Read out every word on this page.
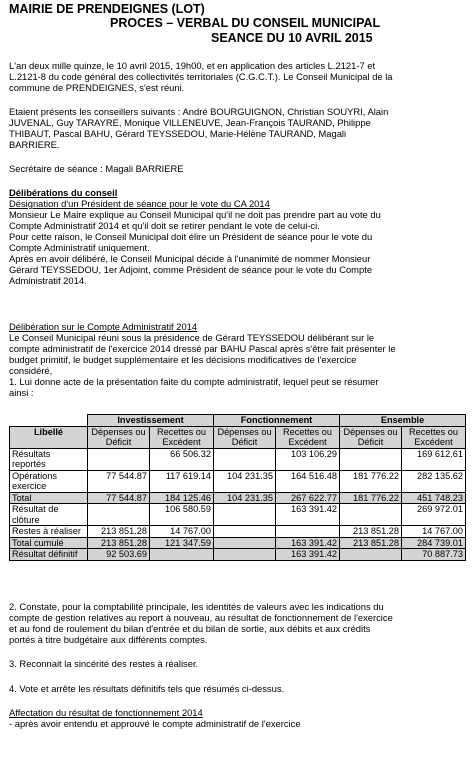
MAIRIE DE PRENDEIGNES (LOT)

PROCES – VERBAL DU CONSEIL MUNICIPAL

SEANCE DU 10 AVRIL 2015

L'an deux mille quinze, le 10 avril 2015, 19h00, et en application des articles L.2121-7 et

L.2121-8 du code général des collectivités territoriales (C.G.C.T.). Le Conseil Municipal de la

commune de PRENDEIGNES, s'est réuni.

Etaient présents les conseillers suivants : André BOURGUIGNON, Christian SOUYRI, Alain

JUVENAL, Guy TARAYRE, Monique VILLENEUVE, Jean-François TAURAND, Philippe

THIBAUT, Pascal BAHU, Gérard TEYSSEDOU, Marie-Hélène TAURAND, Magali

BARRIERE.

Secrétaire de séance : Magali BARRIERE

Délibérations du conseil

Désignation d'un Président de séance pour le vote du CA 2014

Monsieur Le Maire explique au Conseil Municipal qu'il ne doit pas prendre part au vote du

Compte Administratif 2014 et qu'il doit se retirer pendant le vote de celui-ci.

Pour cette raison, le Conseil Municipal doit élire un Président de séance pour le vote du

Compte Administratif uniquement.

Après en avoir délibéré, le Conseil Municipal décide à l'unanimité de nommer Monsieur

Gérard TEYSSEDOU, 1er Adjoint, comme Président de séance pour le vote du Compte

Administratif 2014.

Délibération sur le Compte Administratif 2014

Le Conseil Municipal réuni sous la présidence de Gérard TEYSSEDOU délibérant sur le

compte administratif de l'exercice 2014 dressé par BAHU Pascal après s'être fait présenter le

budget primitif, le budget supplémentaire et les décisions modificatives de l'exercice

considéré,

1. Lui donne acte de la présentation faite du compte administratif, lequel peut se résumer

ainsi :

	Investissement		Fonctionnement		Ensemble	
Libellé	Dépenses ou Déficit	Recettes ou Excédent	Dépenses ou Déficit	Recettes ou Excédent	Dépenses ou Déficit	Recettes ou Excédent
Résultats reportés		66 506.32		103 106.29		169 612.61
Opérations exercice	77 544.87	117 619.14	104 231.35	164 516.48	181 776.22	282 135.62
Total	77 544.87	184 125.46	104 231.35	267 622.77	181 776.22	451 748.23
Résultat de clôture		106 580.59		163 391.42		269 972.01
Restes à réaliser	213 851.28	14 767.00			213 851.28	14 767.00
Total cumulé	213 851.28	121 347.59		163 391.42	213 851.28	284 739.01
Résultat définitif	92 503.69			163 391.42		70 887.73

2. Constate, pour la comptabilité principale, les identités de valeurs avec les indications du

compte de gestion relatives au report à nouveau, au résultat de fonctionnement de l'exercice

et au fond de roulement du bilan d'entrée et du bilan de sortie, aux débits et aux crédits

portés à titre budgétaire aux différents comptes.

3. Reconnait la sincérité des restes à réaliser.

4. Vote et arrête les résultats définitifs tels que résumés ci-dessus.

Affectation du résultat de fonctionnement 2014

- après avoir entendu et approuvé le compte administratif de l'exercice
